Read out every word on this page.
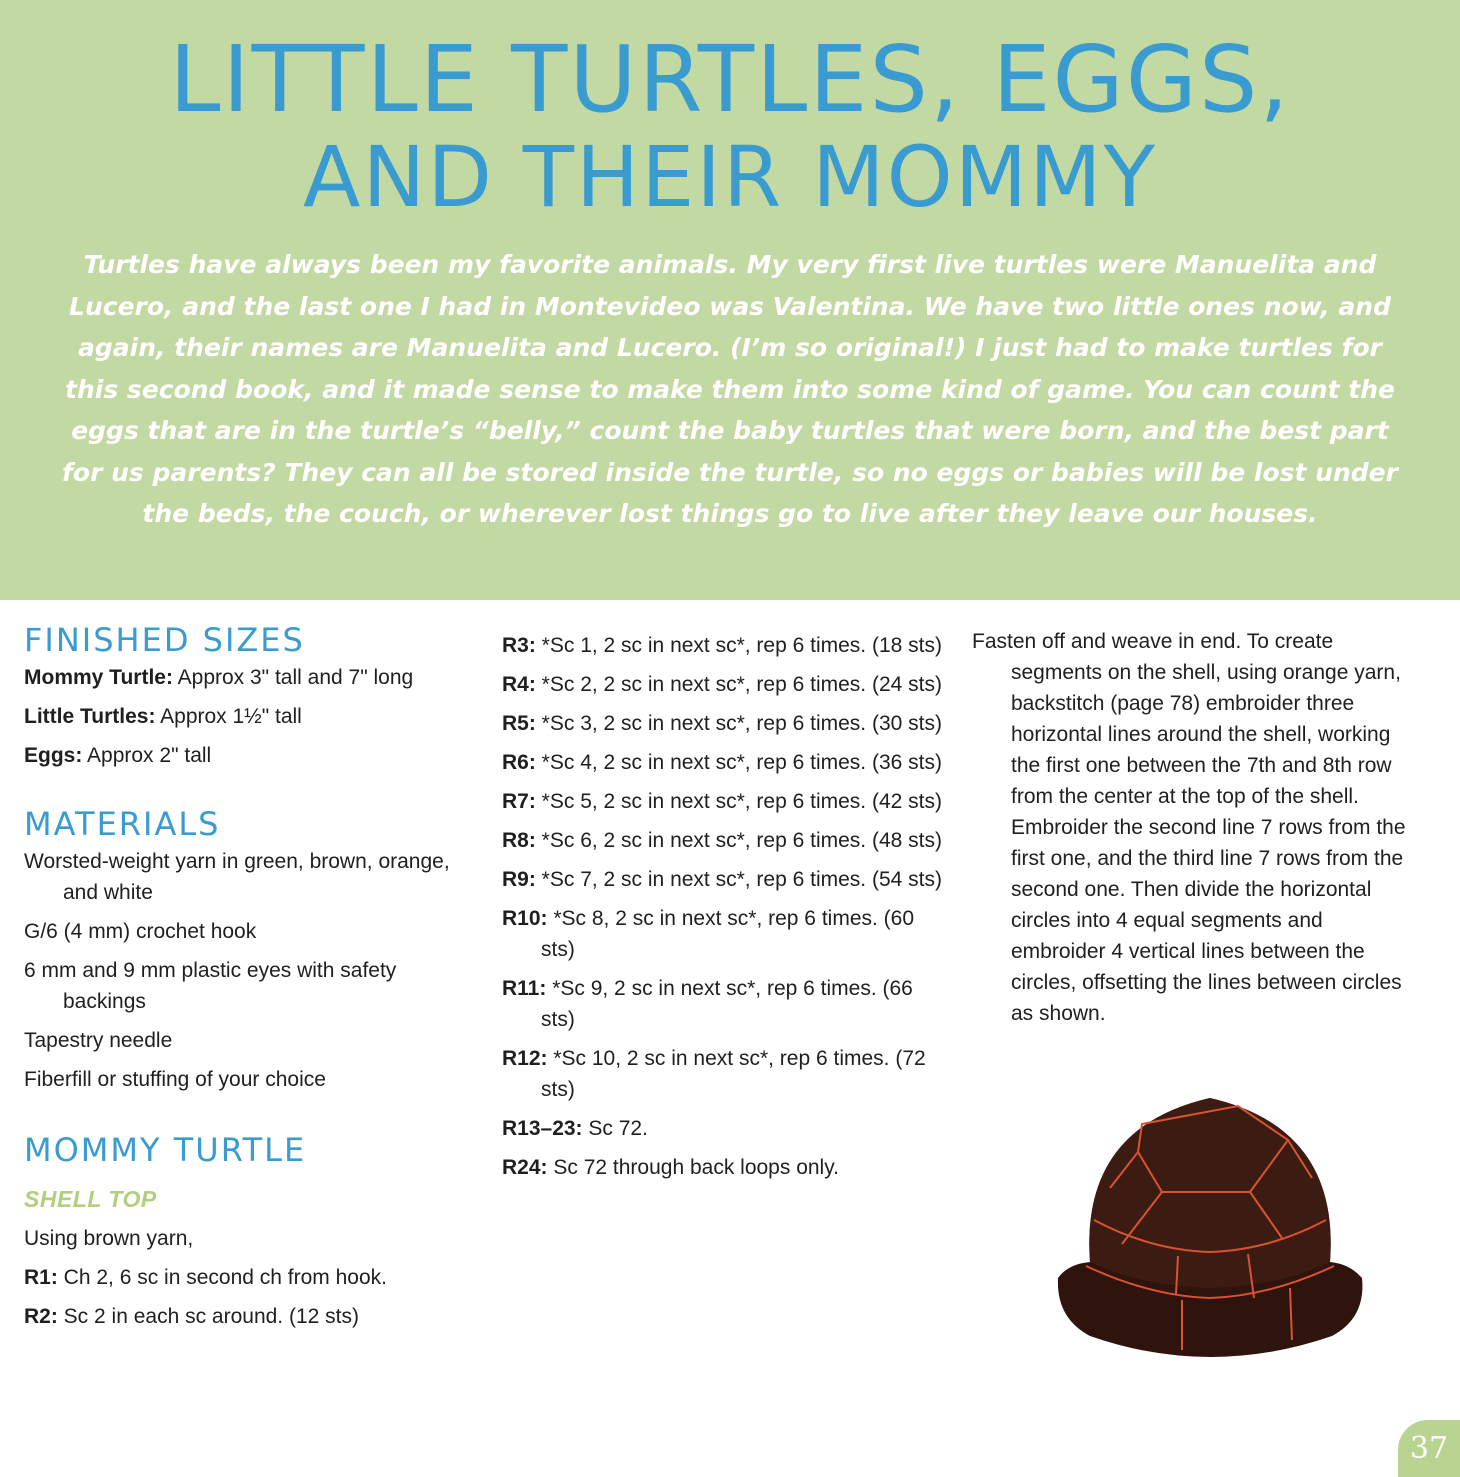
LITTLE TURTLES, EGGS,
AND THEIR MOMMY
Turtles have always been my favorite animals. My very first live turtles were Manuelita and Lucero, and the last one I had in Montevideo was Valentina. We have two little ones now, and again, their names are Manuelita and Lucero. (I’m so original!) I just had to make turtles for this second book, and it made sense to make them into some kind of game. You can count the eggs that are in the turtle’s “belly,” count the baby turtles that were born, and the best part for us parents? They can all be stored inside the turtle, so no eggs or babies will be lost under the beds, the couch, or wherever lost things go to live after they leave our houses.

FINISHED SIZES

Mommy Turtle: Approx 3" tall and 7" long

Little Turtles: Approx 1½" tall

Eggs: Approx 2" tall

MATERIALS

Worsted-weight yarn in green, brown, orange, and white

G/6 (4 mm) crochet hook

6 mm and 9 mm plastic eyes with safety backings

Tapestry needle

Fiberfill or stuffing of your choice

MOMMY TURTLE

SHELL TOP

Using brown yarn,

R1: Ch 2, 6 sc in second ch from hook.

R2: Sc 2 in each sc around. (12 sts)

R3: *Sc 1, 2 sc in next sc*, rep 6 times. (18 sts)

R4: *Sc 2, 2 sc in next sc*, rep 6 times. (24 sts)

R5: *Sc 3, 2 sc in next sc*, rep 6 times. (30 sts)

R6: *Sc 4, 2 sc in next sc*, rep 6 times. (36 sts)

R7: *Sc 5, 2 sc in next sc*, rep 6 times. (42 sts)

R8: *Sc 6, 2 sc in next sc*, rep 6 times. (48 sts)

R9: *Sc 7, 2 sc in next sc*, rep 6 times. (54 sts)

R10: *Sc 8, 2 sc in next sc*, rep 6 times. (60 sts)

R11: *Sc 9, 2 sc in next sc*, rep 6 times. (66 sts)

R12: *Sc 10, 2 sc in next sc*, rep 6 times. (72 sts)

R13–23: Sc 72.

R24: Sc 72 through back loops only.

Fasten off and weave in end. To create segments on the shell, using orange yarn, backstitch (page 78) embroider three horizontal lines around the shell, working the first one between the 7th and 8th row from the center at the top of the shell. Embroider the second line 7 rows from the first one, and the third line 7 rows from the second one. Then divide the horizontal circles into 4 equal segments and embroider 4 vertical lines between the circles, offsetting the lines between circles as shown.

37
